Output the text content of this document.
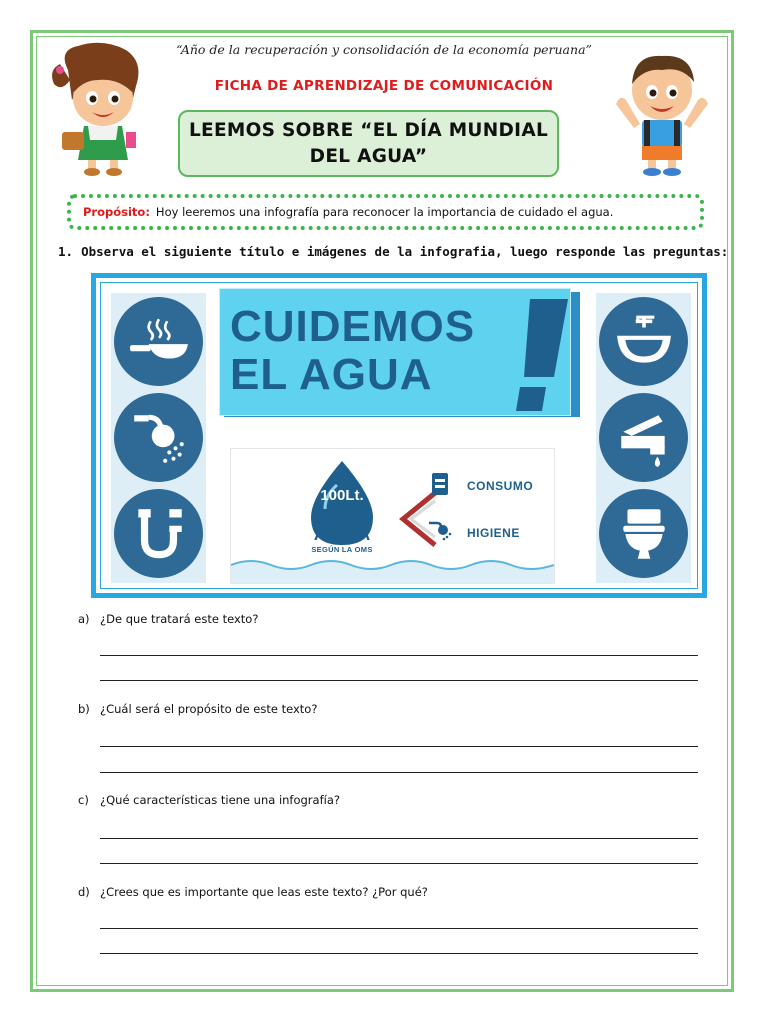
“Año de la recuperación y consolidación de la economía peruana”
FICHA DE APRENDIZAJE DE COMUNICACIÓN
LEEMOS SOBRE “EL DÍA MUNDIAL
DEL AGUA”
Propósito: Hoy leeremos una infografía para reconocer la importancia de cuidado el agua.
1. Observa el siguiente título e imágenes de la infografia, luego responde las preguntas:
CUIDEMOS
EL AGUA
100Lt.
AL DÍA
SEGÚN LA OMS
CONSUMO
HIGIENE
a) ¿De que tratará este texto?
b) ¿Cuál será el propósito de este texto?
c) ¿Qué características tiene una infografía?
d) ¿Crees que es importante que leas este texto? ¿Por qué?
